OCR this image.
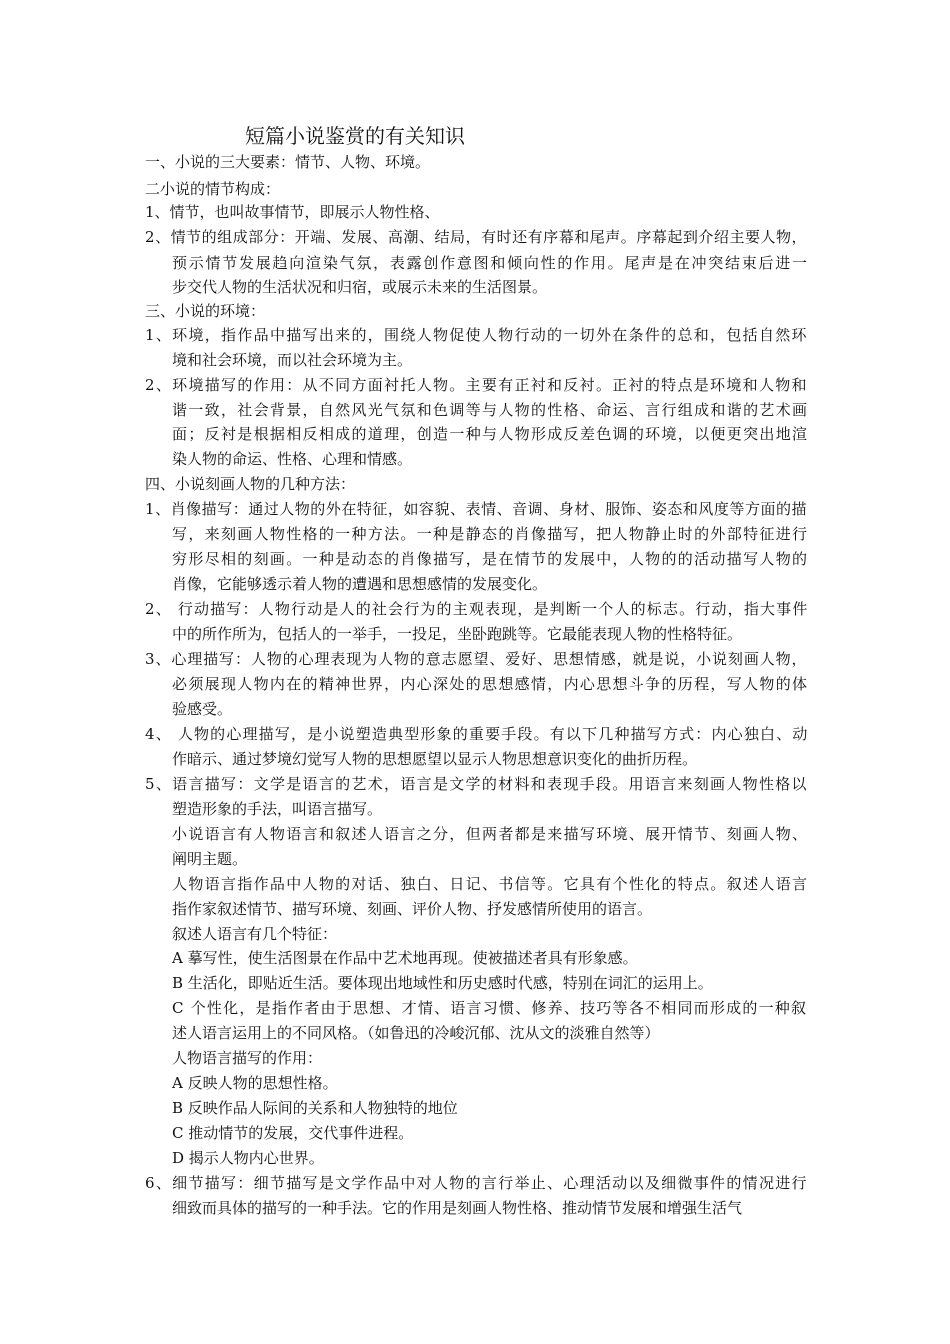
短篇小说鉴赏的有关知识
一、小说的三大要素：情节、人物、环境。
二小说的情节构成：
1、情节，也叫故事情节，即展示人物性格、
2、情节的组成部分：开端、发展、高潮、结局，有时还有序幕和尾声。序幕起到介绍主要人物，
预示情节发展趋向渲染气氛，表露创作意图和倾向性的作用。尾声是在冲突结束后进一
步交代人物的生活状况和归宿，或展示未来的生活图景。
三、小说的环境：
1、环境，指作品中描写出来的，围绕人物促使人物行动的一切外在条件的总和，包括自然环
境和社会环境，而以社会环境为主。
2、环境描写的作用：从不同方面衬托人物。主要有正衬和反衬。正衬的特点是环境和人物和
谐一致，社会背景，自然风光气氛和色调等与人物的性格、命运、言行组成和谐的艺术画
面；反衬是根据相反相成的道理，创造一种与人物形成反差色调的环境，以便更突出地渲
染人物的命运、性格、心理和情感。
四、小说刻画人物的几种方法：
1、肖像描写：通过人物的外在特征，如容貌、表情、音调、身材、服饰、姿态和风度等方面的描
写，来刻画人物性格的一种方法。一种是静态的肖像描写，把人物静止时的外部特征进行
穷形尽相的刻画。一种是动态的肖像描写，是在情节的发展中，人物的的活动描写人物的
肖像，它能够透示着人物的遭遇和思想感情的发展变化。
2、 行动描写：人物行动是人的社会行为的主观表现，是判断一个人的标志。行动，指大事件
中的所作所为，包括人的一举手，一投足，坐卧跑跳等。它最能表现人物的性格特征。
3、心理描写：人物的心理表现为人物的意志愿望、爱好、思想情感，就是说，小说刻画人物，
必须展现人物内在的精神世界，内心深处的思想感情，内心思想斗争的历程，写人物的体
验感受。
4、 人物的心理描写，是小说塑造典型形象的重要手段。有以下几种描写方式：内心独白、动
作暗示、通过梦境幻觉写人物的思想愿望以显示人物思想意识变化的曲折历程。
5、语言描写：文学是语言的艺术，语言是文学的材料和表现手段。用语言来刻画人物性格以
塑造形象的手法，叫语言描写。
小说语言有人物语言和叙述人语言之分，但两者都是来描写环境、展开情节、刻画人物、
阐明主题。
人物语言指作品中人物的对话、独白、日记、书信等。它具有个性化的特点。叙述人语言
指作家叙述情节、描写环境、刻画、评价人物、抒发感情所使用的语言。
叙述人语言有几个特征：
A 摹写性，使生活图景在作品中艺术地再现。使被描述者具有形象感。
B 生活化，即贴近生活。要体现出地域性和历史感时代感，特别在词汇的运用上。
C 个性化，是指作者由于思想、才情、语言习惯、修养、技巧等各不相同而形成的一种叙
述人语言运用上的不同风格。（如鲁迅的冷峻沉郁、沈从文的淡雅自然等）
人物语言描写的作用：
A 反映人物的思想性格。
B 反映作品人际间的关系和人物独特的地位
C 推动情节的发展，交代事件进程。
D 揭示人物内心世界。
6、细节描写：细节描写是文学作品中对人物的言行举止、心理活动以及细微事件的情况进行
细致而具体的描写的一种手法。它的作用是刻画人物性格、推动情节发展和增强生活气
